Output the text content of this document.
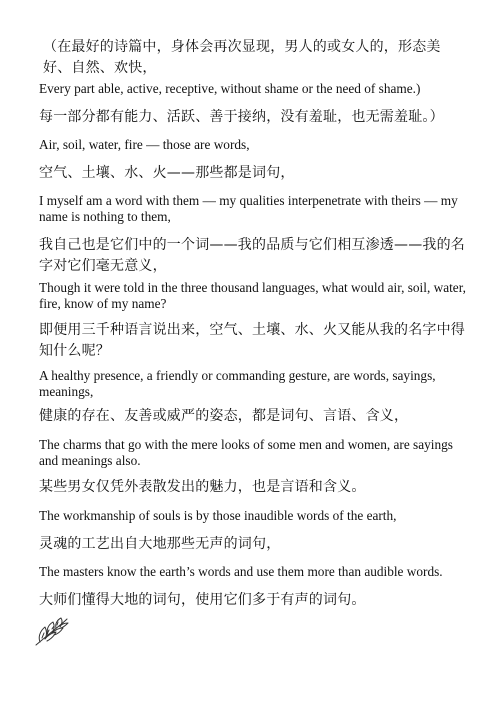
（在最好的诗篇中，身体会再次显现，男人的或女人的，形态美好、自然、欢快，

Every part able, active, receptive, without shame or the need of shame.)

每一部分都有能力、活跃、善于接纳，没有羞耻，也无需羞耻。）

Air, soil, water, fire — those are words,

空气、土壤、水、火——那些都是词句，

I myself am a word with them — my qualities interpenetrate with theirs — my name is nothing to them,

我自己也是它们中的一个词——我的品质与它们相互渗透——我的名字对它们毫无意义，

Though it were told in the three thousand languages, what would air, soil, water, fire, know of my name?

即便用三千种语言说出来，空气、土壤、水、火又能从我的名字中得知什么呢？

A healthy presence, a friendly or commanding gesture, are words, sayings, meanings,

健康的存在、友善或威严的姿态，都是词句、言语、含义，

The charms that go with the mere looks of some men and women, are sayings and meanings also.

某些男女仅凭外表散发出的魅力，也是言语和含义。

The workmanship of souls is by those inaudible words of the earth,

灵魂的工艺出自大地那些无声的词句，

The masters know the earth’s words and use them more than audible words.

大师们懂得大地的词句，使用它们多于有声的词句。
